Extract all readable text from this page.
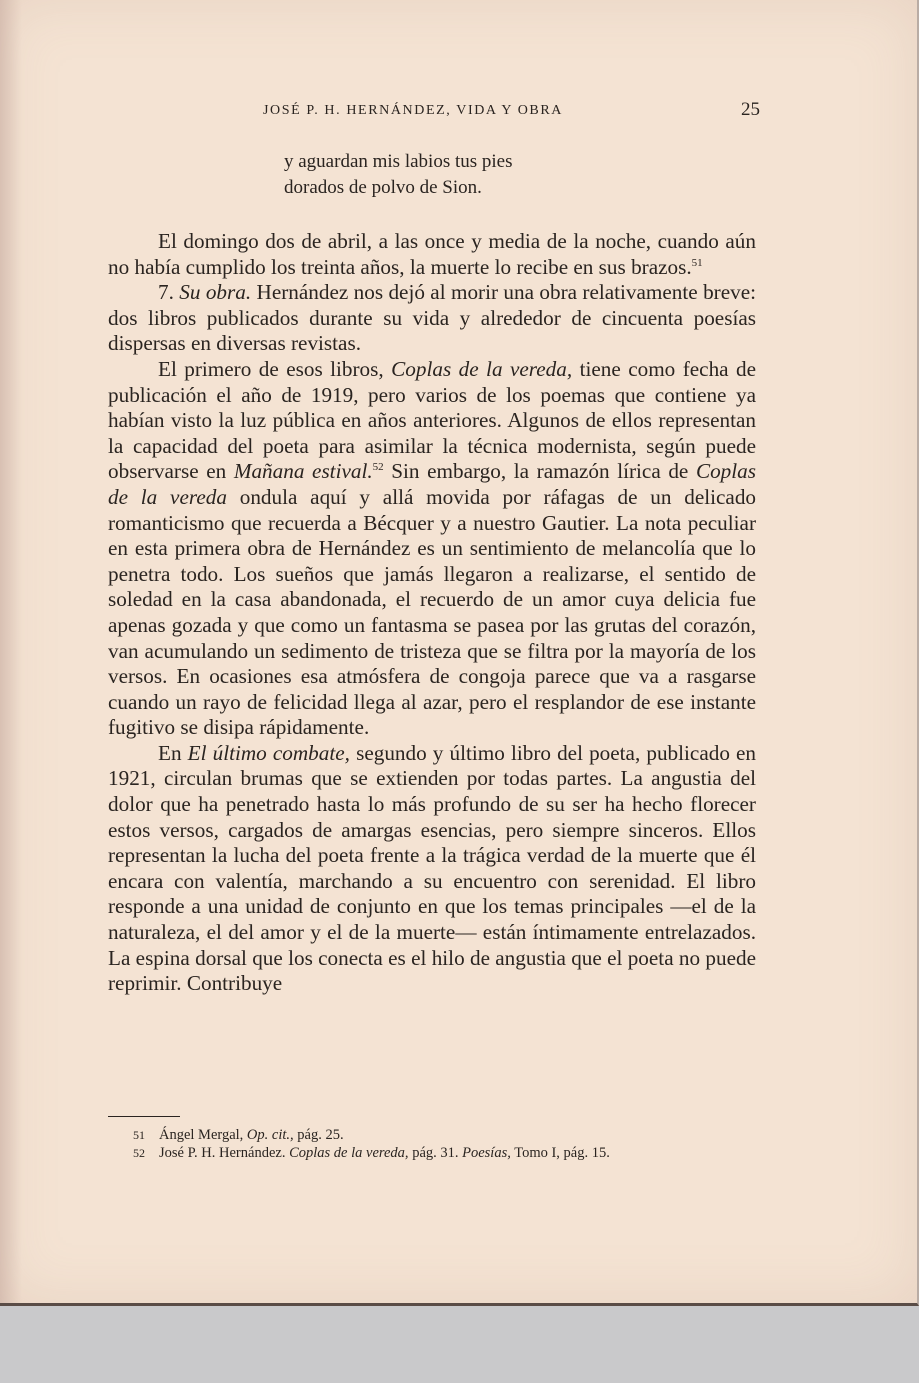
JOSÉ P. H. HERNÁNDEZ, VIDA Y OBRA	25
y aguardan mis labios tus pies
dorados de polvo de Sion.

El domingo dos de abril, a las once y media de la noche, cuando aún no había cumplido los treinta años, la muerte lo recibe en sus brazos.$^{51}$

7. Su obra. Hernández nos dejó al morir una obra relativamente breve: dos libros publicados durante su vida y alrededor de cincuenta poesías dispersas en diversas revistas.

El primero de esos libros, Coplas de la vereda, tiene como fecha de publicación el año de 1919, pero varios de los poemas que contiene ya habían visto la luz pública en años anteriores. Algunos de ellos representan la capacidad del poeta para asimilar la técnica modernista, según puede observarse en Mañana estival.$^{52}$ Sin embargo, la ramazón lírica de Coplas de la vereda ondula aquí y allá movida por ráfagas de un delicado romanticismo que recuerda a Bécquer y a nuestro Gautier. La nota peculiar en esta primera obra de Hernández es un sentimiento de melancolía que lo penetra todo. Los sueños que jamás llegaron a realizarse, el sentido de soledad en la casa abandonada, el recuerdo de un amor cuya delicia fue apenas gozada y que como un fantasma se pasea por las grutas del corazón, van acumulando un sedimento de tristeza que se filtra por la mayoría de los versos. En ocasiones esa atmósfera de congoja parece que va a rasgarse cuando un rayo de felicidad llega al azar, pero el resplandor de ese instante fugitivo se disipa rápidamente.

En El último combate, segundo y último libro del poeta, publicado en 1921, circulan brumas que se extienden por todas partes. La angustia del dolor que ha penetrado hasta lo más profundo de su ser ha hecho florecer estos versos, cargados de amargas esencias, pero siempre sinceros. Ellos representan la lucha del poeta frente a la trágica verdad de la muerte que él encara con valentía, marchando a su encuentro con serenidad. El libro responde a una unidad de conjunto en que los temas principales —el de la naturaleza, el del amor y el de la muerte— están íntimamente entrelazados. La espina dorsal que los conecta es el hilo de angustia que el poeta no puede reprimir. Contribuye

51 Ángel Mergal, Op. cit., pág. 25.
52 José P. H. Hernández. Coplas de la vereda, pág. 31. Poesías, Tomo I, pág. 15.
